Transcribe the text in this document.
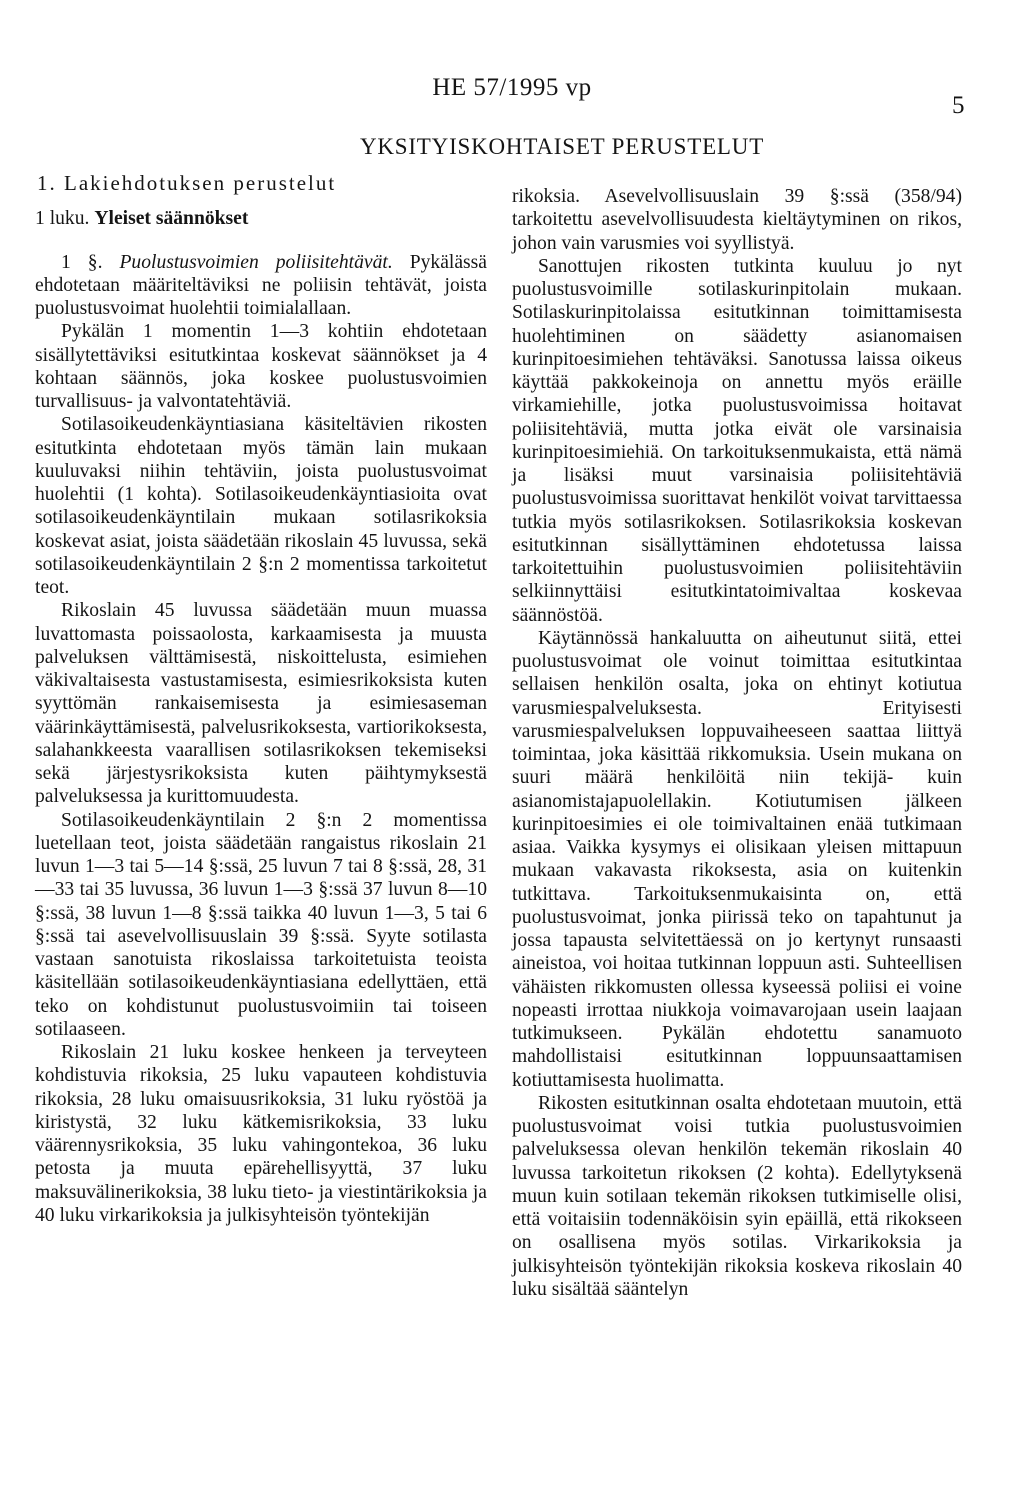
HE 57/1995 vp
5
YKSITYISKOHTAISET PERUSTELUT
1. Lakiehdotuksen perustelut
1 luku. Yleiset säännökset

1 §. Puolustusvoimien poliisitehtävät. Pykälässä ehdotetaan määriteltäviksi ne poliisin tehtävät, joista puolustusvoimat huolehtii toimialallaan.

Pykälän 1 momentin 1—3 kohtiin ehdotetaan sisällytettäviksi esitutkintaa koskevat säännökset ja 4 kohtaan säännös, joka koskee puolustusvoimien turvallisuus- ja valvontatehtäviä.

Sotilasoikeudenkäyntiasiana käsiteltävien rikosten esitutkinta ehdotetaan myös tämän lain mukaan kuuluvaksi niihin tehtäviin, joista puolustusvoimat huolehtii (1 kohta). Sotilasoikeudenkäyntiasioita ovat sotilasoikeudenkäyntilain mukaan sotilasrikoksia koskevat asiat, joista säädetään rikoslain 45 luvussa, sekä sotilasoikeudenkäyntilain 2 §:n 2 momentissa tarkoitetut teot.

Rikoslain 45 luvussa säädetään muun muassa luvattomasta poissaolosta, karkaamisesta ja muusta palveluksen välttämisestä, niskoittelusta, esimiehen väkivaltaisesta vastustamisesta, esimiesrikoksista kuten syyttömän rankaisemisesta ja esimiesaseman väärinkäyttämisestä, palvelusrikoksesta, vartiorikoksesta, salahankkeesta vaarallisen sotilasrikoksen tekemiseksi sekä järjestysrikoksista kuten päihtymyksestä palveluksessa ja kurittomuudesta.

Sotilasoikeudenkäyntilain 2 §:n 2 momentissa luetellaan teot, joista säädetään rangaistus rikoslain 21 luvun 1—3 tai 5—14 §:ssä, 25 luvun 7 tai 8 §:ssä, 28, 31—33 tai 35 luvussa, 36 luvun 1—3 §:ssä 37 luvun 8—10 §:ssä, 38 luvun 1—8 §:ssä taikka 40 luvun 1—3, 5 tai 6 §:ssä tai asevelvollisuuslain 39 §:ssä. Syyte sotilasta vastaan sanotuista rikoslaissa tarkoitetuista teoista käsitellään sotilasoikeudenkäyntiasiana edellyttäen, että teko on kohdistunut puolustusvoimiin tai toiseen sotilaaseen.

Rikoslain 21 luku koskee henkeen ja terveyteen kohdistuvia rikoksia, 25 luku vapauteen kohdistuvia rikoksia, 28 luku omaisuusrikoksia, 31 luku ryöstöä ja kiristystä, 32 luku kätkemisrikoksia, 33 luku väärennysrikoksia, 35 luku vahingontekoa, 36 luku petosta ja muuta epärehellisyyttä, 37 luku maksuvälinerikoksia, 38 luku tieto- ja viestintärikoksia ja 40 luku virkarikoksia ja julkisyhteisön työntekijän

rikoksia. Asevelvollisuuslain 39 §:ssä (358/94) tarkoitettu asevelvollisuudesta kieltäytyminen on rikos, johon vain varusmies voi syyllistyä.

Sanottujen rikosten tutkinta kuuluu jo nyt puolustusvoimille sotilaskurinpitolain mukaan. Sotilaskurinpitolaissa esitutkinnan toimittamisesta huolehtiminen on säädetty asianomaisen kurinpitoesimiehen tehtäväksi. Sanotussa laissa oikeus käyttää pakkokeinoja on annettu myös eräille virkamiehille, jotka puolustusvoimissa hoitavat poliisitehtäviä, mutta jotka eivät ole varsinaisia kurinpitoesimiehiä. On tarkoituksenmukaista, että nämä ja lisäksi muut varsinaisia poliisitehtäviä puolustusvoimissa suorittavat henkilöt voivat tarvittaessa tutkia myös sotilasrikoksen. Sotilasrikoksia koskevan esitutkinnan sisällyttäminen ehdotetussa laissa tarkoitettuihin puolustusvoimien poliisitehtäviin selkiinnyttäisi esitutkintatoimivaltaa koskevaa säännöstöä.

Käytännössä hankaluutta on aiheutunut siitä, ettei puolustusvoimat ole voinut toimittaa esitutkintaa sellaisen henkilön osalta, joka on ehtinyt kotiutua varusmiespalveluksesta. Erityisesti varusmiespalveluksen loppuvaiheeseen saattaa liittyä toimintaa, joka käsittää rikkomuksia. Usein mukana on suuri määrä henkilöitä niin tekijä- kuin asianomistajapuolellakin. Kotiutumisen jälkeen kurinpitoesimies ei ole toimivaltainen enää tutkimaan asiaa. Vaikka kysymys ei olisikaan yleisen mittapuun mukaan vakavasta rikoksesta, asia on kuitenkin tutkittava. Tarkoituksenmukaisinta on, että puolustusvoimat, jonka piirissä teko on tapahtunut ja jossa tapausta selvitettäessä on jo kertynyt runsaasti aineistoa, voi hoitaa tutkinnan loppuun asti. Suhteellisen vähäisten rikkomusten ollessa kyseessä poliisi ei voine nopeasti irrottaa niukkoja voimavarojaan usein laajaan tutkimukseen. Pykälän ehdotettu sanamuoto mahdollistaisi esitutkinnan loppuunsaattamisen kotiuttamisesta huolimatta.

Rikosten esitutkinnan osalta ehdotetaan muutoin, että puolustusvoimat voisi tutkia puolustusvoimien palveluksessa olevan henkilön tekemän rikoslain 40 luvussa tarkoitetun rikoksen (2 kohta). Edellytyksenä muun kuin sotilaan tekemän rikoksen tutkimiselle olisi, että voitaisiin todennäköisin syin epäillä, että rikokseen on osallisena myös sotilas. Virkarikoksia ja julkisyhteisön työntekijän rikoksia koskeva rikoslain 40 luku sisältää sääntelyn
